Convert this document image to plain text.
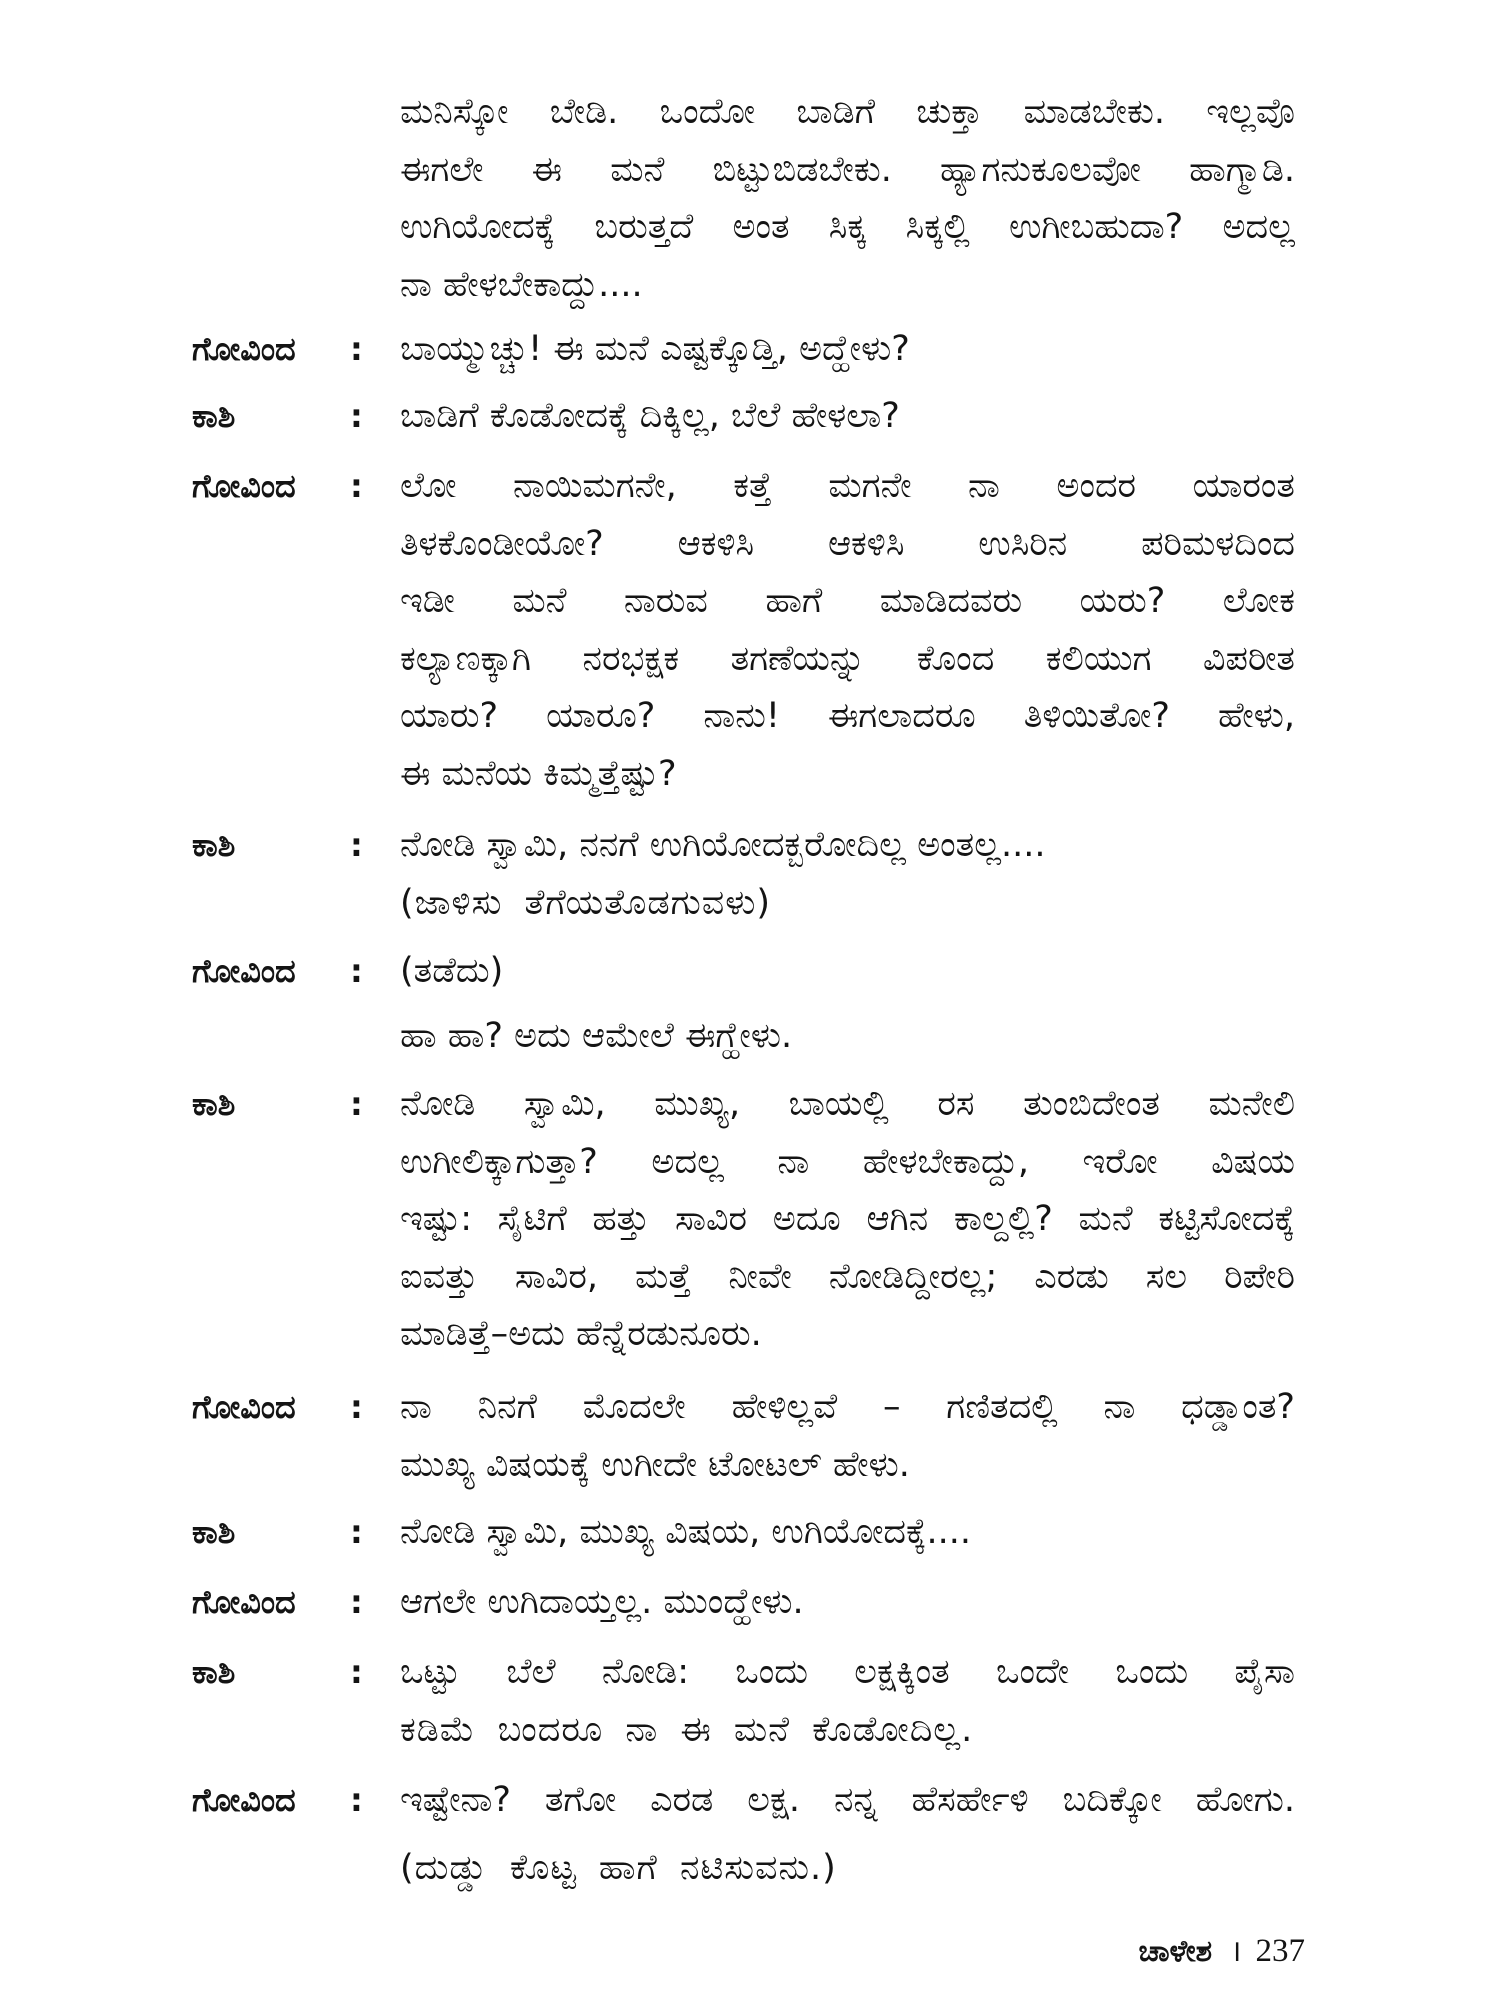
ಮನಿಸ್ಕೋ ಬೇಡಿ. ಒಂದೋ ಬಾಡಿಗೆ ಚುಕ್ತಾ ಮಾಡಬೇಕು. ಇಲ್ಲವೊ
ಈಗಲೇ ಈ ಮನೆ ಬಿಟ್ಟುಬಿಡಬೇಕು. ಹ್ಯಾಗನುಕೂಲವೋ ಹಾಗ್ಮಾಡಿ.
ಉಗಿಯೋದಕ್ಕೆ ಬರುತ್ತದೆ ಅಂತ ಸಿಕ್ಕ ಸಿಕ್ಕಲ್ಲಿ ಉಗೀಬಹುದಾ? ಅದಲ್ಲ
ನಾ ಹೇಳಬೇಕಾದ್ದು....
ಗೋವಿಂದ : ಬಾಯ್ಮುಚ್ಚು! ಈ ಮನೆ ಎಷ್ಟಕ್ಕೊಡ್ತಿ, ಅದ್ಹೇಳು?
ಕಾಶಿ	: ಬಾಡಿಗೆ ಕೊಡೋದಕ್ಕೆ ದಿಕ್ಕಿಲ್ಲ, ಬೆಲೆ ಹೇಳಲಾ?
ಗೋವಿಂದ : ಲೋ ನಾಯಿಮಗನೇ, ಕತ್ತೆ ಮಗನೇ ನಾ ಅಂದರ ಯಾರಂತ
ತಿಳಕೊಂಡೀಯೋ? ಆಕಳಿಸಿ ಆಕಳಿಸಿ ಉಸಿರಿನ ಪರಿಮಳದಿಂದ
ಇಡೀ ಮನೆ ನಾರುವ ಹಾಗೆ ಮಾಡಿದವರು ಯರು? ಲೋಕ
ಕಲ್ಯಾಣಕ್ಕಾಗಿ ನರಭಕ್ಷಕ ತಗಣೆಯನ್ನು ಕೊಂದ ಕಲಿಯುಗ ವಿಪರೀತ
ಯಾರು? ಯಾರೂ? ನಾನು! ಈಗಲಾದರೂ ತಿಳಿಯಿತೋ? ಹೇಳು,
ಈ ಮನೆಯ ಕಿಮ್ಮತ್ತೆಷ್ಟು?
ಕಾಶಿ	: ನೋಡಿ ಸ್ವಾಮಿ, ನನಗೆ ಉಗಿಯೋದಕ್ಬರೋದಿಲ್ಲ ಅಂತಲ್ಲ....
(ಜಾಳಿಸು ತೆಗೆಯತೊಡಗುವಳು)
ಗೋವಿಂದ : (ತಡೆದು)
ಹಾ ಹಾ? ಅದು ಆಮೇಲೆ ಈಗ್ಹೇಳು.
ಕಾಶಿ	: ನೋಡಿ ಸ್ವಾಮಿ, ಮುಖ್ಯ, ಬಾಯಲ್ಲಿ ರಸ ತುಂಬಿದೇಂತ ಮನೇಲಿ
ಉಗೀಲಿಕ್ಕಾಗುತ್ತಾ? ಅದಲ್ಲ ನಾ ಹೇಳಬೇಕಾದ್ದು, ಇರೋ ವಿಷಯ
ಇಷ್ಟು: ಸೈಟಿಗೆ ಹತ್ತು ಸಾವಿರ ಅದೂ ಆಗಿನ ಕಾಲ್ದಲ್ಲಿ? ಮನೆ ಕಟ್ಟಿಸೋದಕ್ಕೆ
ಐವತ್ತು ಸಾವಿರ, ಮತ್ತೆ ನೀವೇ ನೋಡಿದ್ದೀರಲ್ಲ; ಎರಡು ಸಲ ರಿಪೇರಿ
ಮಾಡಿತ್ತೆ–ಅದು ಹೆನ್ನೆರಡುನೂರು.
ಗೋವಿಂದ : ನಾ ನಿನಗೆ ಮೊದಲೇ ಹೇಳಿಲ್ಲವೆ – ಗಣಿತದಲ್ಲಿ ನಾ ಧಡ್ಡಾಂತ?
ಮುಖ್ಯ ವಿಷಯಕ್ಕೆ ಉಗೀದೇ ಟೋಟಲ್ ಹೇಳು.
ಕಾಶಿ	: ನೋಡಿ ಸ್ವಾಮಿ, ಮುಖ್ಯ ವಿಷಯ, ಉಗಿಯೋದಕ್ಕೆ....
ಗೋವಿಂದ : ಆಗಲೇ ಉಗಿದಾಯ್ತಲ್ಲ. ಮುಂದ್ಹೇಳು.
ಕಾಶಿ	: ಒಟ್ಟು ಬೆಲೆ ನೋಡಿ: ಒಂದು ಲಕ್ಷಕ್ಕಿಂತ ಒಂದೇ ಒಂದು ಪೈಸಾ
ಕಡಿಮೆ ಬಂದರೂ ನಾ ಈ ಮನೆ ಕೊಡೋದಿಲ್ಲ.
ಗೋವಿಂದ : ಇಷ್ಟೇನಾ? ತಗೋ ಎರಡ ಲಕ್ಷ. ನನ್ನ ಹೆಸರ್ಹೇಳಿ ಬದಿಕ್ಕೋ ಹೋಗು.
(ದುಡ್ಡು ಕೊಟ್ಟ ಹಾಗೆ ನಟಿಸುವನು.)
ಚಾಳೇಶ । 237
